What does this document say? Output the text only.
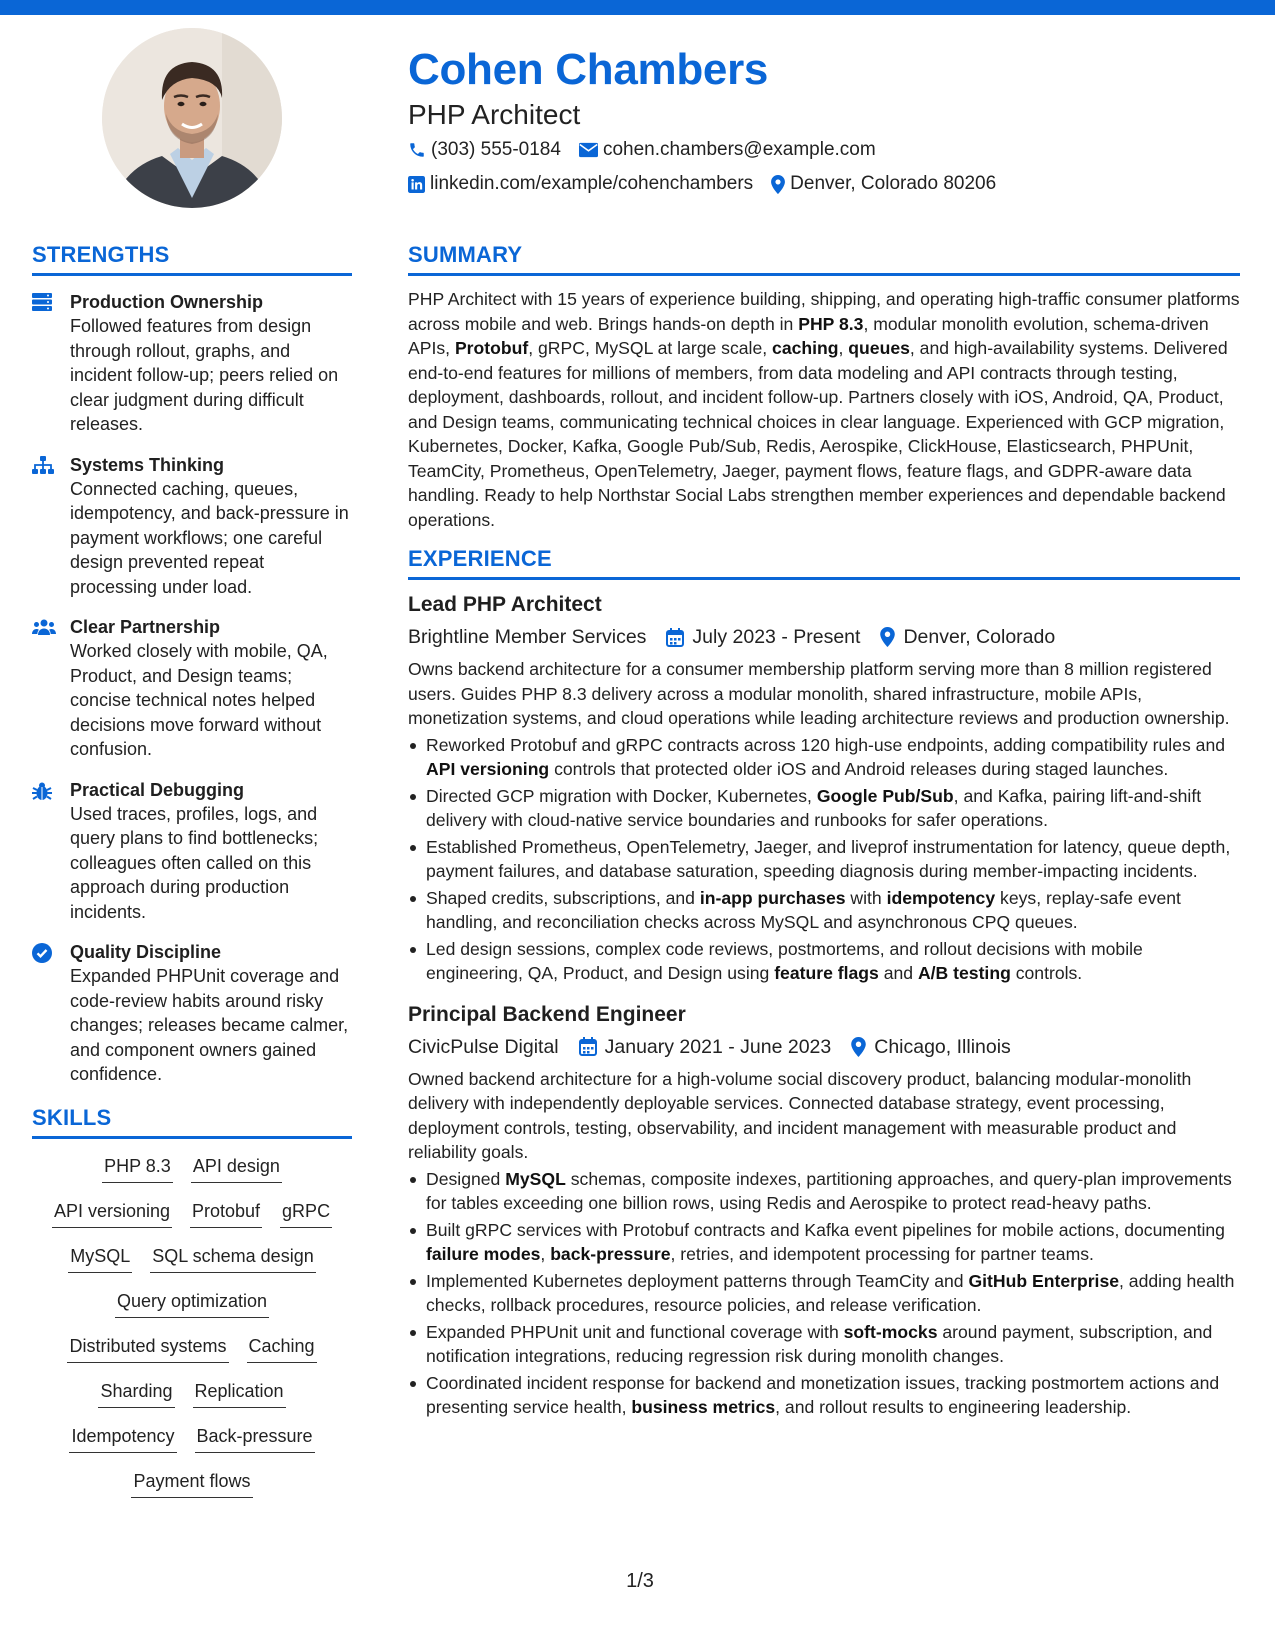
Cohen Chambers
PHP Architect
(303) 555-0184 cohen.chambers@example.com
linkedin.com/example/cohenchambers Denver, Colorado 80206
STRENGTHS
Production Ownership
Followed features from design through rollout, graphs, and incident follow-up; peers relied on clear judgment during difficult releases.
Systems Thinking
Connected caching, queues, idempotency, and back-pressure in payment workflows; one careful design prevented repeat processing under load.
Clear Partnership
Worked closely with mobile, QA, Product, and Design teams; concise technical notes helped decisions move forward without confusion.
Practical Debugging
Used traces, profiles, logs, and query plans to find bottlenecks; colleagues often called on this approach during production incidents.
Quality Discipline
Expanded PHPUnit coverage and code-review habits around risky changes; releases became calmer, and component owners gained confidence.
SKILLS
PHP 8.3 API design
API versioning Protobuf gRPC
MySQL SQL schema design
Query optimization
Distributed systems Caching
Sharding Replication
Idempotency Back-pressure
Payment flows
SUMMARY
PHP Architect with 15 years of experience building, shipping, and operating high-traffic consumer platforms across mobile and web. Brings hands-on depth in PHP 8.3, modular monolith evolution, schema-driven APIs, Protobuf, gRPC, MySQL at large scale, caching, queues, and high-availability systems. Delivered end-to-end features for millions of members, from data modeling and API contracts through testing, deployment, dashboards, rollout, and incident follow-up. Partners closely with iOS, Android, QA, Product, and Design teams, communicating technical choices in clear language. Experienced with GCP migration, Kubernetes, Docker, Kafka, Google Pub/Sub, Redis, Aerospike, ClickHouse, Elasticsearch, PHPUnit, TeamCity, Prometheus, OpenTelemetry, Jaeger, payment flows, feature flags, and GDPR-aware data handling. Ready to help Northstar Social Labs strengthen member experiences and dependable backend operations.
EXPERIENCE
Lead PHP Architect
Brightline Member Services July 2023 - Present Denver, Colorado
Owns backend architecture for a consumer membership platform serving more than 8 million registered users. Guides PHP 8.3 delivery across a modular monolith, shared infrastructure, mobile APIs, monetization systems, and cloud operations while leading architecture reviews and production ownership.
Reworked Protobuf and gRPC contracts across 120 high-use endpoints, adding compatibility rules and API versioning controls that protected older iOS and Android releases during staged launches.
Directed GCP migration with Docker, Kubernetes, Google Pub/Sub, and Kafka, pairing lift-and-shift delivery with cloud-native service boundaries and runbooks for safer operations.
Established Prometheus, OpenTelemetry, Jaeger, and liveprof instrumentation for latency, queue depth, payment failures, and database saturation, speeding diagnosis during member-impacting incidents.
Shaped credits, subscriptions, and in-app purchases with idempotency keys, replay-safe event handling, and reconciliation checks across MySQL and asynchronous CPQ queues.
Led design sessions, complex code reviews, postmortems, and rollout decisions with mobile engineering, QA, Product, and Design using feature flags and A/B testing controls.
Principal Backend Engineer
CivicPulse Digital January 2021 - June 2023 Chicago, Illinois
Owned backend architecture for a high-volume social discovery product, balancing modular-monolith delivery with independently deployable services. Connected database strategy, event processing, deployment controls, testing, observability, and incident management with measurable product and reliability goals.
Designed MySQL schemas, composite indexes, partitioning approaches, and query-plan improvements for tables exceeding one billion rows, using Redis and Aerospike to protect read-heavy paths.
Built gRPC services with Protobuf contracts and Kafka event pipelines for mobile actions, documenting failure modes, back-pressure, retries, and idempotent processing for partner teams.
Implemented Kubernetes deployment patterns through TeamCity and GitHub Enterprise, adding health checks, rollback procedures, resource policies, and release verification.
Expanded PHPUnit unit and functional coverage with soft-mocks around payment, subscription, and notification integrations, reducing regression risk during monolith changes.
Coordinated incident response for backend and monetization issues, tracking postmortem actions and presenting service health, business metrics, and rollout results to engineering leadership.
1/3
